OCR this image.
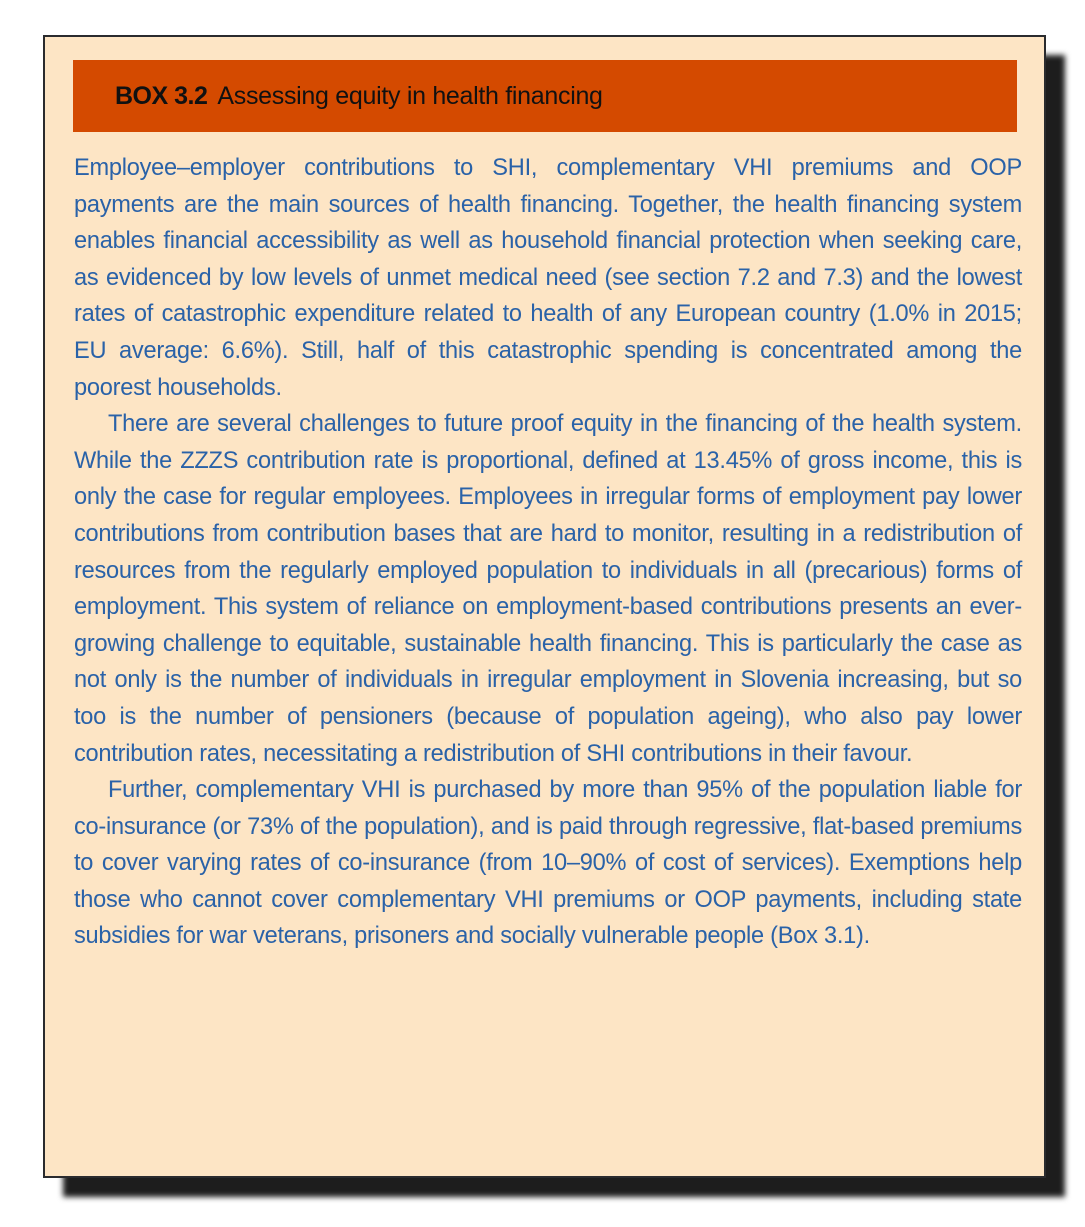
BOX 3.2 Assessing equity in health financing

Employee–employer contributions to SHI, complementary VHI premiums and OOP payments are the main sources of health financing. Together, the health financing system enables financial accessibility as well as household financial protection when seeking care, as evidenced by low levels of unmet medical need (see section 7.2 and 7.3) and the lowest rates of catastrophic expenditure related to health of any European country (1.0% in 2015; EU average: 6.6%). Still, half of this catastrophic spending is concentrated among the poorest households.

There are several challenges to future proof equity in the financing of the health system. While the ZZZS contribution rate is proportional, defined at 13.45% of gross income, this is only the case for regular employees. Employees in irregular forms of employment pay lower contributions from contribution bases that are hard to monitor, resulting in a redistribution of resources from the regularly employed population to individuals in all (precarious) forms of employment. This system of reliance on employment-based contributions presents an ever-growing challenge to equitable, sustainable health financing. This is particularly the case as not only is the number of individuals in irregular employment in Slovenia increasing, but so too is the number of pensioners (because of population ageing), who also pay lower contribution rates, necessitating a redistribution of SHI contributions in their favour.

Further, complementary VHI is purchased by more than 95% of the population liable for co-insurance (or 73% of the population), and is paid through regressive, flat-based premiums to cover varying rates of co-insurance (from 10–90% of cost of services). Exemptions help those who cannot cover complementary VHI premiums or OOP payments, including state subsidies for war veterans, prisoners and socially vulnerable people (Box 3.1).
